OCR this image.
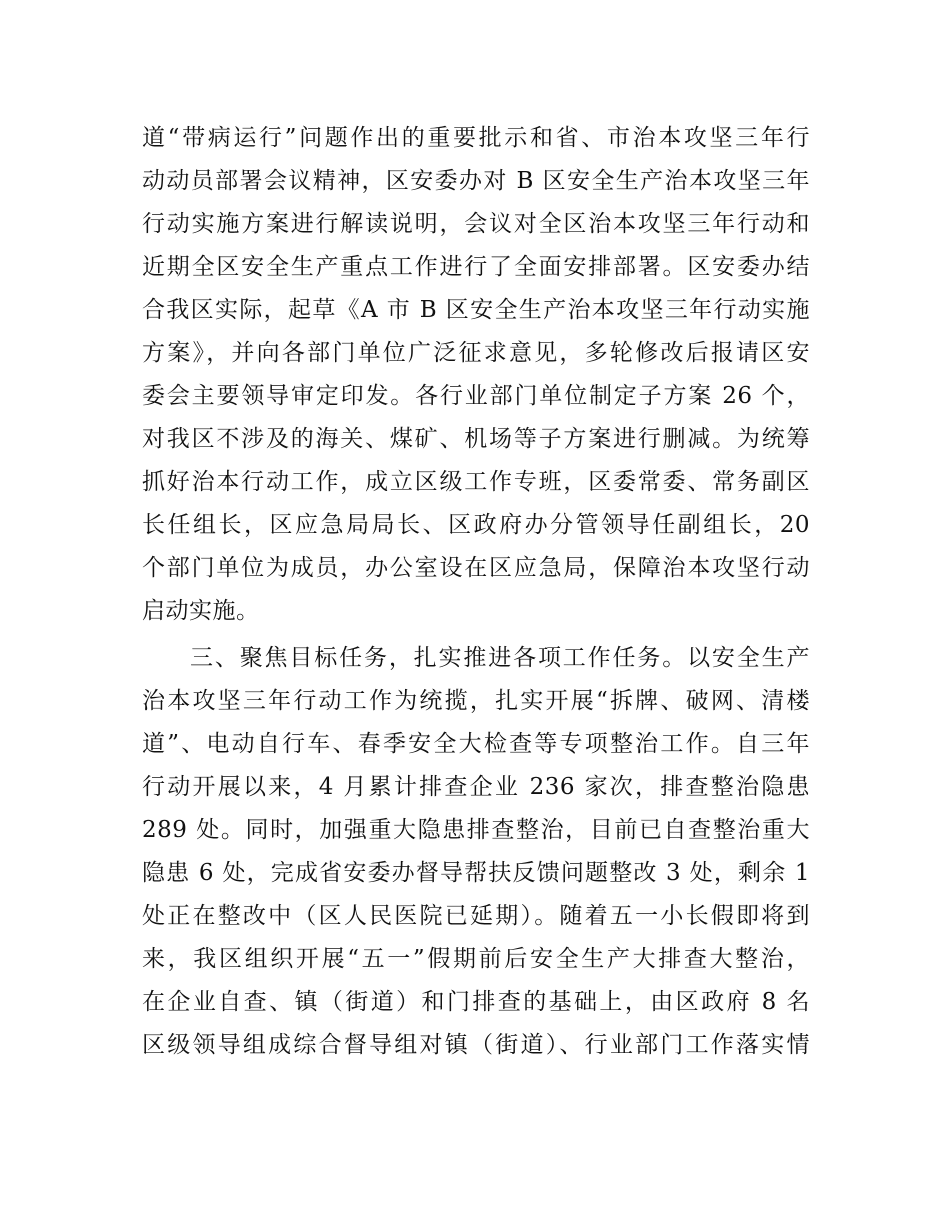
道“带病运行”问题作出的重要批示和省、市治本攻坚三年行
动动员部署会议精神，区安委办对 B 区安全生产治本攻坚三年
行动实施方案进行解读说明，会议对全区治本攻坚三年行动和
近期全区安全生产重点工作进行了全面安排部署。区安委办结
合我区实际，起草《A 市 B 区安全生产治本攻坚三年行动实施
方案》，并向各部门单位广泛征求意见，多轮修改后报请区安
委会主要领导审定印发。各行业部门单位制定子方案 26 个，
对我区不涉及的海关、煤矿、机场等子方案进行删减。为统筹
抓好治本行动工作，成立区级工作专班，区委常委、常务副区
长任组长，区应急局局长、区政府办分管领导任副组长，20
个部门单位为成员，办公室设在区应急局，保障治本攻坚行动
启动实施。
三、聚焦目标任务，扎实推进各项工作任务。以安全生产
治本攻坚三年行动工作为统揽，扎实开展“拆牌、破网、清楼
道”、电动自行车、春季安全大检查等专项整治工作。自三年
行动开展以来，4 月累计排查企业 236 家次，排查整治隐患
289 处。同时，加强重大隐患排查整治，目前已自查整治重大
隐患 6 处，完成省安委办督导帮扶反馈问题整改 3 处，剩余 1
处正在整改中（区人民医院已延期）。随着五一小长假即将到
来，我区组织开展“五一”假期前后安全生产大排查大整治，
在企业自查、镇（街道）和门排查的基础上，由区政府 8 名
区级领导组成综合督导组对镇（街道）、行业部门工作落实情
